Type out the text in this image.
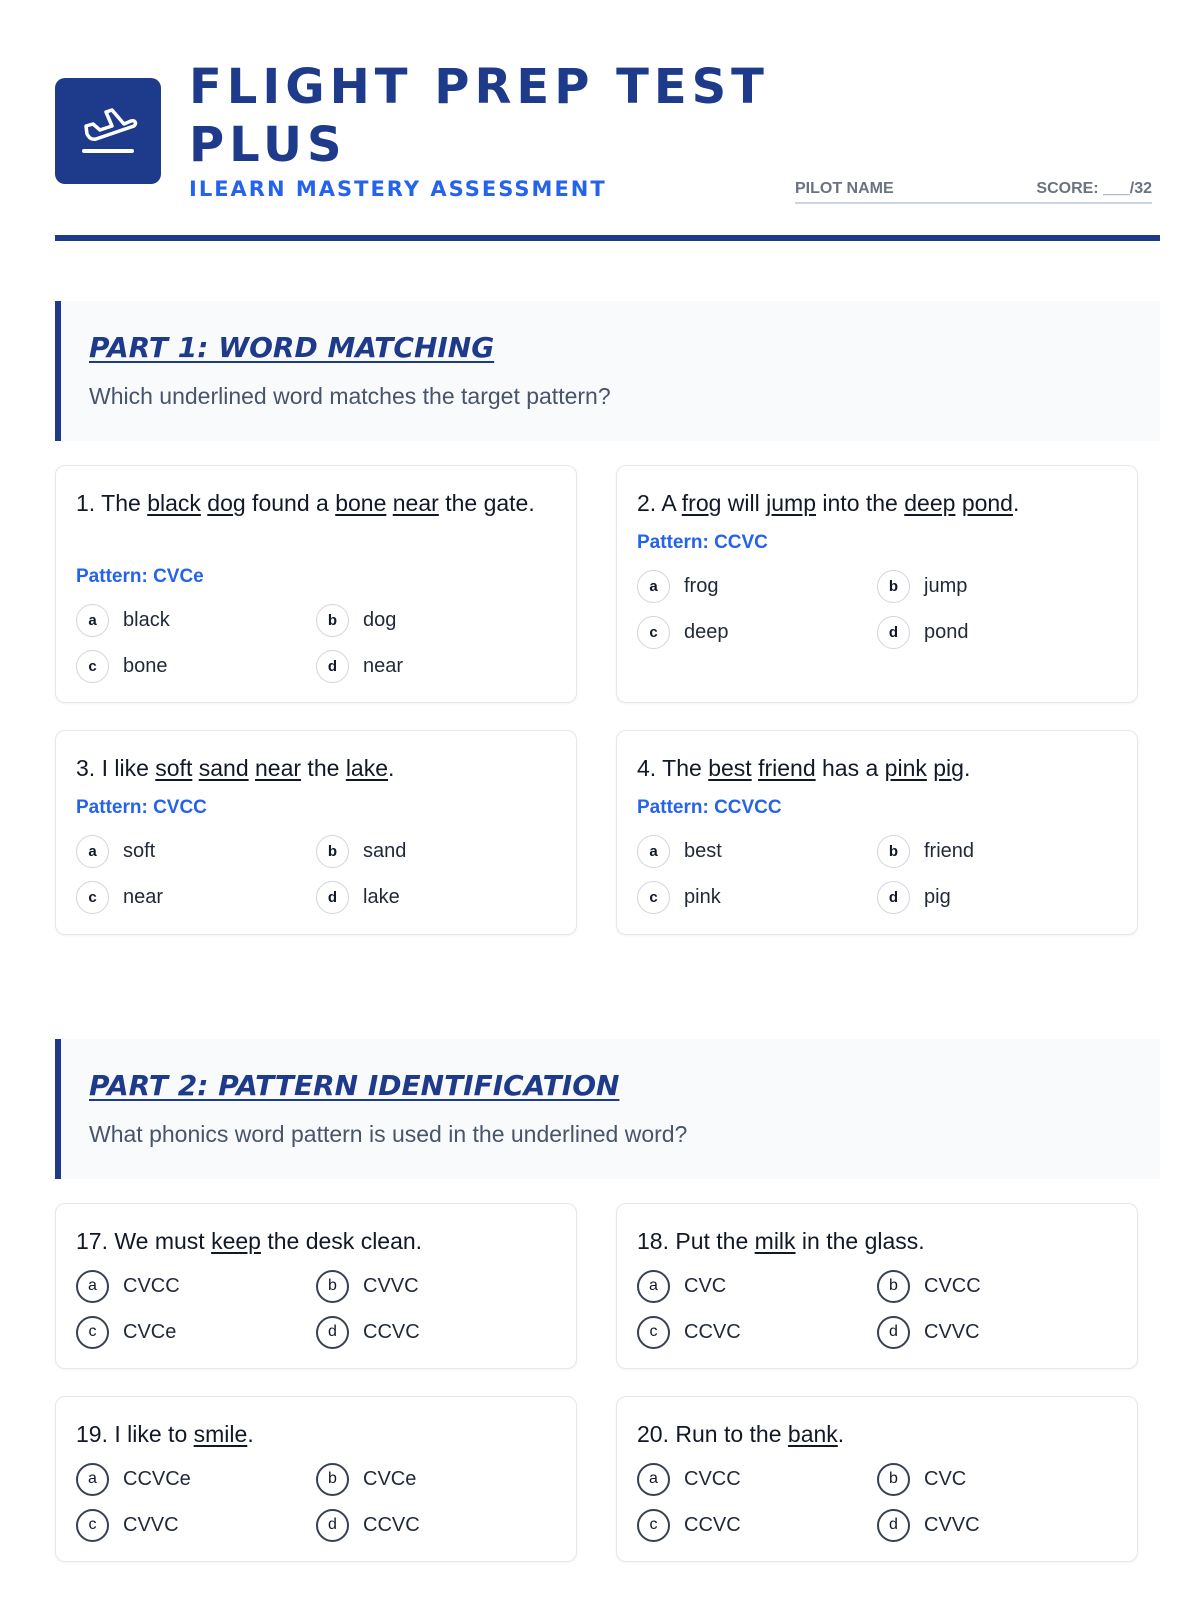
FLIGHT PREP TEST PLUS
ILEARN MASTERY ASSESSMENT	PILOT NAME	SCORE: ___/32
PART 1: WORD MATCHING
Which underlined word matches the target pattern?
1. The black dog found a bone near the gate.
Pattern: CVCe
a	black	b	dog
c	bone	d	near
2. A frog will jump into the deep pond.
Pattern: CCVC
a	frog	b	jump
c	deep	d	pond
3. I like soft sand near the lake.
Pattern: CVCC
a	soft	b	sand
c	near	d	lake
4. The best friend has a pink pig.
Pattern: CCVCC
a	best	b	friend
c	pink	d	pig
PART 2: PATTERN IDENTIFICATION
What phonics word pattern is used in the underlined word?
17. We must keep the desk clean.
a	CVCC	b	CVVC
c	CVCe	d	CCVC
18. Put the milk in the glass.
a	CVC	b	CVCC
c	CCVC	d	CVVC
19. I like to smile.
a	CCVCe	b	CVCe
c	CVVC	d	CCVC
20. Run to the bank.
a	CVCC	b	CVC
c	CCVC	d	CVVC
